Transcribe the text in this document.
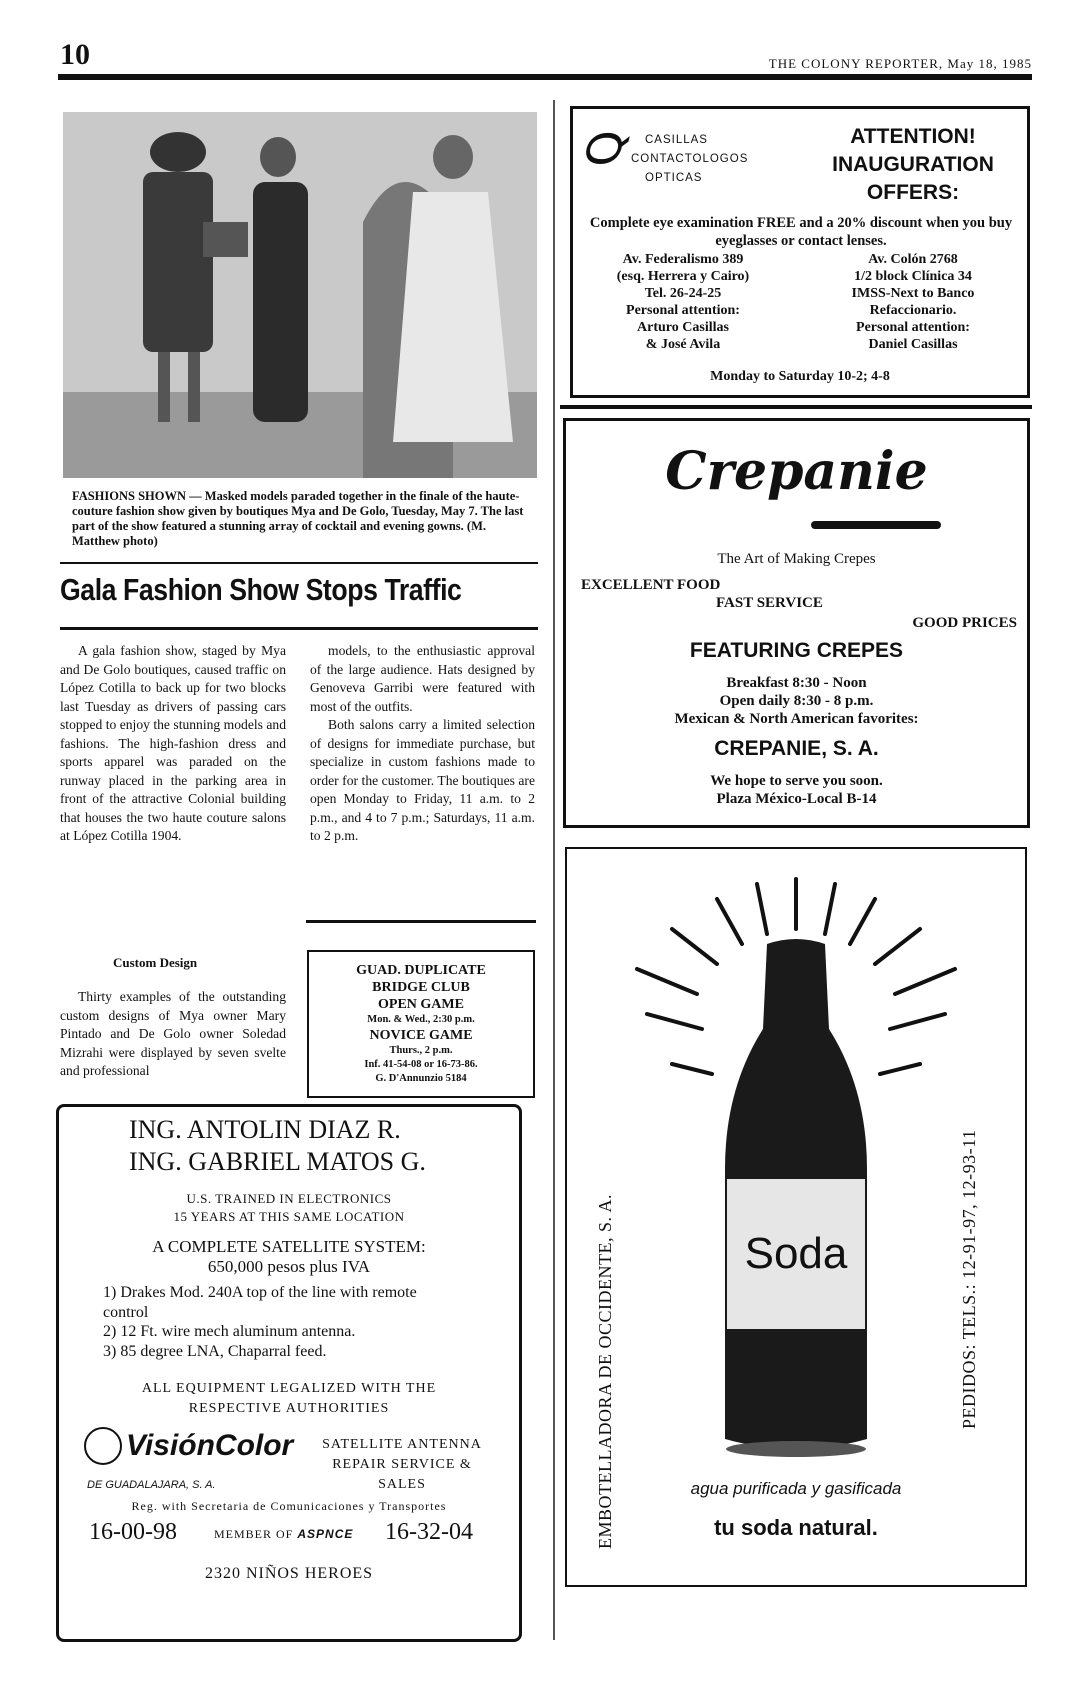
10	THE COLONY REPORTER, May 18, 1985
FASHIONS SHOWN — Masked models paraded together in the finale of the haute-couture fashion show given by boutiques Mya and De Golo, Tuesday, May 7. The last part of the show featured a stunning array of cocktail and evening gowns. (M. Matthew photo)
Gala Fashion Show Stops Traffic

A gala fashion show, staged by Mya and De Golo boutiques, caused traffic on López Cotilla to back up for two blocks last Tuesday as drivers of passing cars stopped to enjoy the stunning models and fashions. The high-fashion dress and sports apparel was paraded on the runway placed in the parking area in front of the attractive Colonial building that houses the two haute couture salons at López Cotilla 1904.

Custom Design

Thirty examples of the outstanding custom designs of Mya owner Mary Pintado and De Golo owner Soledad Mizrahi were displayed by seven svelte and professional

models, to the enthusiastic approval of the large audience. Hats designed by Genoveva Garribi were featured with most of the outfits.

Both salons carry a limited selection of designs for immediate purchase, but specialize in custom fashions made to order for the customer. The boutiques are open Monday to Friday, 11 a.m. to 2 p.m., and 4 to 7 p.m.; Saturdays, 11 a.m. to 2 p.m.

GUAD. DUPLICATE
BRIDGE CLUB
OPEN GAME
Mon. & Wed., 2:30 p.m.
NOVICE GAME
Thurs., 2 p.m.
Inf. 41-54-08 or 16-73-86.
G. D'Annunzio 5184
ING. ANTOLIN DIAZ R.
ING. GABRIEL MATOS G.
U.S. TRAINED IN ELECTRONICS
15 YEARS AT THIS SAME LOCATION
A COMPLETE SATELLITE SYSTEM:
650,000 pesos plus IVA
1) Drakes Mod. 240A top of the line with remote control
2) 12 Ft. wire mech aluminum antenna.
3) 85 degree LNA, Chaparral feed.
ALL EQUIPMENT LEGALIZED WITH THE RESPECTIVE AUTHORITIES
VisiónColor
DE GUADALAJARA, S. A.
SATELLITE ANTENNA REPAIR SERVICE & SALES
Reg. with Secretaria de Comunicaciones y Transportes
16-00-98	MEMBER OF ASPNCE 16-32-04
2320 NIÑOS HEROES
℺	CASILLAS
CONTACTOLOGOS
OPTICAS
ATTENTION! INAUGURATION OFFERS:
Complete eye examination FREE and a 20% discount when you buy eyeglasses or contact lenses.
Av. Federalismo 389
(esq. Herrera y Cairo)
Tel. 26-24-25
Personal attention:
Arturo Casillas
& José Avila
Av. Colón 2768
1/2 block Clínica 34
IMSS-Next to Banco
Refaccionario.
Personal attention:
Daniel Casillas
Monday to Saturday 10-2; 4-8
Crepanie
The Art of Making Crepes
EXCELLENT FOOD
FAST SERVICE
GOOD PRICES
FEATURING CREPES
Breakfast 8:30 - Noon
Open daily 8:30 - 8 p.m.
Mexican & North American favorites:
CREPANIE, S. A.
We hope to serve you soon.
Plaza México-Local B-14
Soda
EMBOTELLADORA DE OCCIDENTE, S. A.	PEDIDOS: TELS.: 12-91-97, 12-93-11
agua purificada y gasificada
tu soda natural.
